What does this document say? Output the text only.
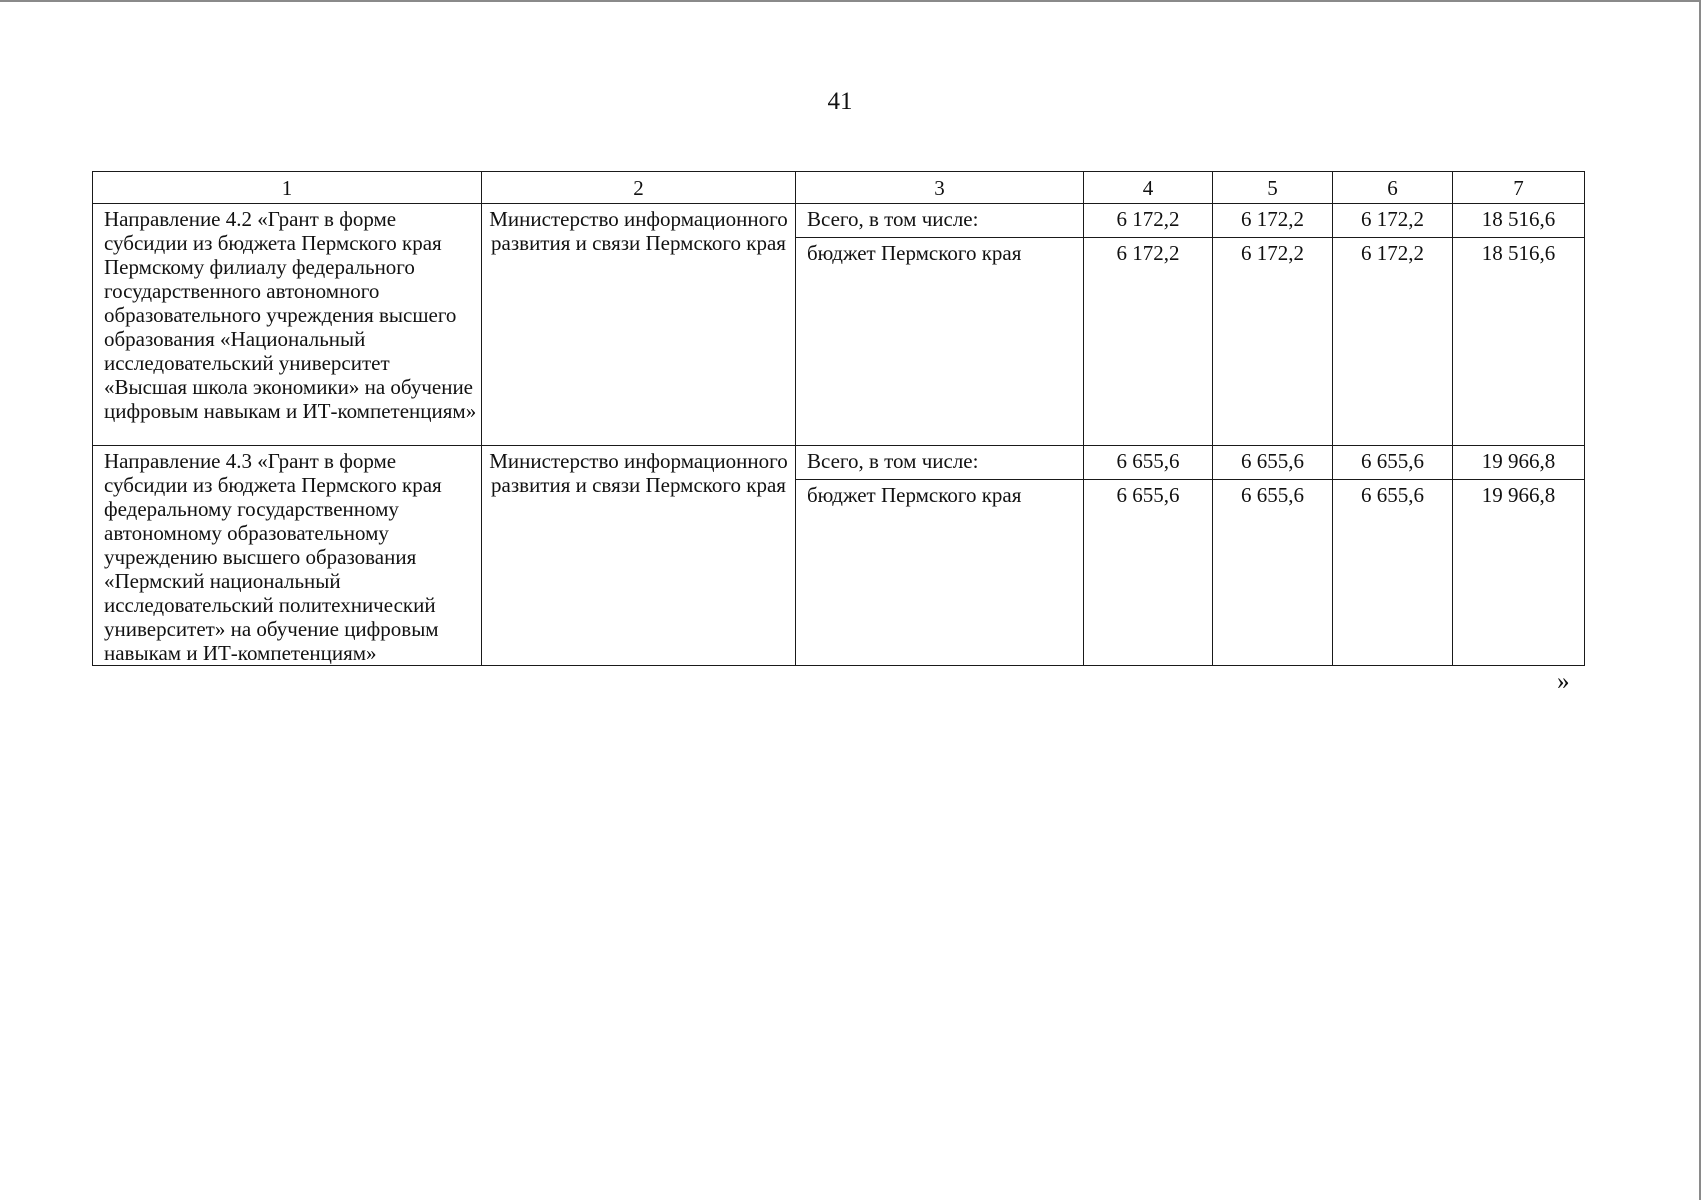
41
1	2	3	4	5	6	7
Направление 4.2 «Грант в форме субсидии из бюджета Пермского края Пермскому филиалу федерального государственного автономного образовательного учреждения высшего образования «Национальный исследовательский университет «Высшая школа экономики» на обучение цифровым навыкам и ИТ-компетенциям»	Министерство информационного развития и связи Пермского края	Всего, в том числе:	6 172,2	6 172,2	6 172,2	18 516,6
		бюджет Пермского края	6 172,2	6 172,2	6 172,2	18 516,6
Направление 4.3 «Грант в форме субсидии из бюджета Пермского края федеральному государственному автономному образовательному учреждению высшего образования «Пермский национальный исследовательский политехнический университет» на обучение цифровым навыкам и ИТ-компетенциям»	Министерство информационного развития и связи Пермского края	Всего, в том числе:	6 655,6	6 655,6	6 655,6	19 966,8
		бюджет Пермского края	6 655,6	6 655,6	6 655,6	19 966,8
»
